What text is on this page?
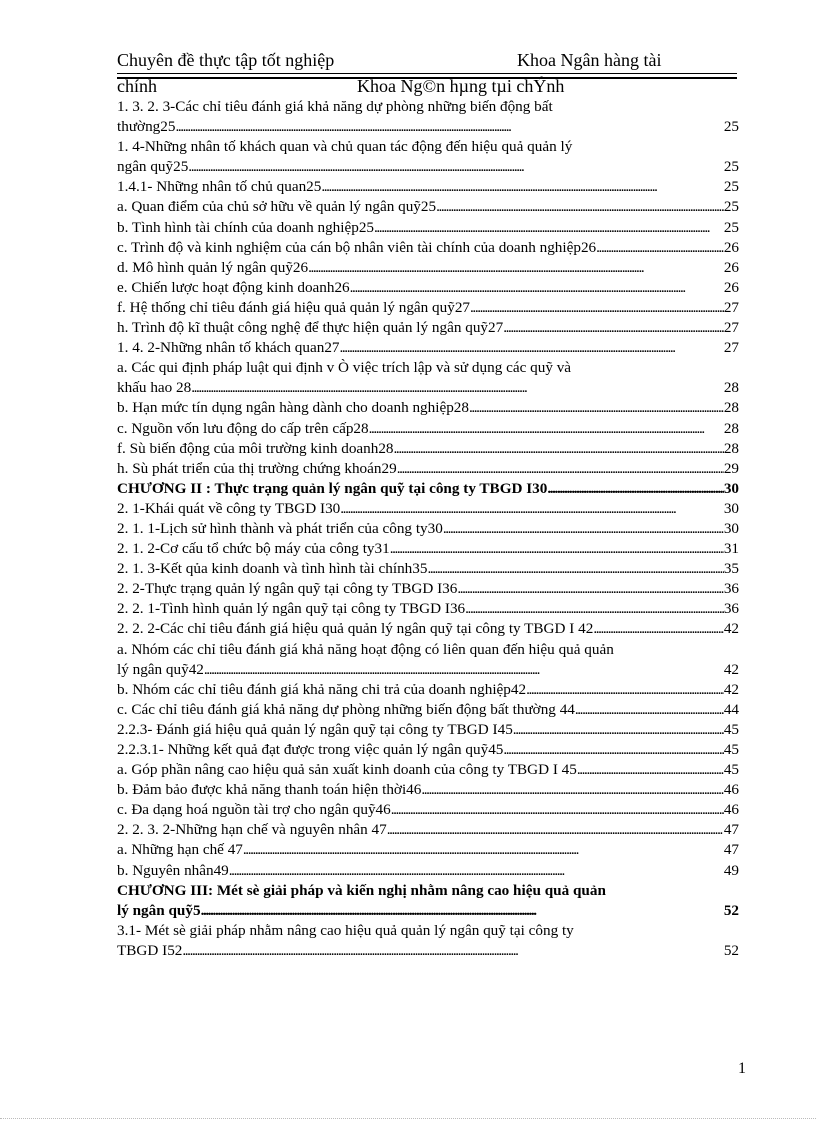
Chuyên đề thực tập tốt nghiệp	Khoa Ngân hàng tài
chính	Khoa Ng©n hµng tµi chÝnh
1. 3. 2. 3-Các chỉ tiêu đánh giá khả năng dự phòng những biến động bất
thường25 . . .	25
1. 4-Những nhân tố khách quan và chủ quan tác động đến hiệu quả quản lý
ngân quỹ25 . . .	25
1.4.1- Những nhân tố chủ quan25 . . .	25
a. Quan điểm của chủ sở hữu về quản lý ngân quỹ25 . . .	25
b. Tình hình tài chính của doanh nghiệp25 . . .	25
c. Trình độ và kinh nghiệm của cán bộ nhân viên tài chính của doanh nghiệp26 . . .	26
d. Mô hình quản lý ngân quỹ26 . . .	26
e. Chiến lược hoạt động kinh doanh26 . . .	26
f. Hệ thống chỉ tiêu đánh giá hiệu quả quản lý ngân quỹ27 . . .	27
h. Trình độ kĩ thuật công nghệ để thực hiện quản lý ngân quỹ27 . . .	27
1. 4. 2-Những nhân tố khách quan27 . . .	27
a. Các qui định pháp luật qui định v Ò việc trích lập và sử dụng các quỹ và
khấu hao 28 . . .	28
b. Hạn mức tín dụng ngân hàng dành cho doanh nghiệp28 . . .	28
c. Nguồn vốn lưu động do cấp trên cấp28 . . .	28
f. Sù biến động của môi trường kinh doanh28 . . .	28
h. Sù phát triển của thị trường chứng khoán29 . . .	29
CHƯƠNG II : Thực trạng quản lý ngân quỹ tại công ty TBGD I30 . . .	30
2. 1-Khái quát về công ty TBGD I30 . . .	30
2. 1. 1-Lịch sử hình thành và phát triển của công ty30 . . .	30
2. 1. 2-Cơ cấu tổ chức bộ máy của công ty31 . . .	31
2. 1. 3-Kết qủa kinh doanh và tình hình tài chính35 . . .	35
2. 2-Thực trạng quản lý ngân quỹ tại công ty TBGD I36 . . .	36
2. 2. 1-Tình hình quản lý ngân quỹ tại công ty TBGD I36 . . .	36
2. 2. 2-Các chỉ tiêu đánh giá hiệu quả quản lý ngân quỹ tại công ty TBGD I 42 . . .	42
a. Nhóm các chỉ tiêu đánh giá khả năng hoạt động có liên quan đến hiệu quả quản
lý ngân quỹ42 . . .	42
b. Nhóm các chỉ tiêu đánh giá khả năng chi trả của doanh nghiệp42 . . .	42
c. Các chỉ tiêu đánh giá khả năng dự phòng những biến động bất thường 44 . . .	44
2.2.3- Đánh giá hiệu quả quản lý ngân quỹ tại công ty TBGD I45 . . .	45
2.2.3.1- Những kết quả đạt được trong việc quản lý ngân quỹ45 . . .	45
a. Góp phần nâng cao hiệu quả sản xuất kinh doanh của công ty TBGD I 45 . . .	45
b. Đảm bảo được khả năng thanh toán hiện thời46 . . .	46
c. Đa dạng hoá nguồn tài trợ cho ngân quỹ46 . . .	46
2. 2. 3. 2-Những hạn chế và nguyên nhân 47 . . .	47
a. Những hạn chế 47 . . .	47
b. Nguyên nhân49 . . .	49
CHƯƠNG III: Mét sè giải pháp và kiến nghị nhằm nâng cao hiệu quả quản
lý ngân quỹ5 . . .	52
3.1- Mét sè giải pháp nhằm nâng cao hiệu quả quản lý ngân quỹ tại công ty
TBGD I52 . . .	52
1
